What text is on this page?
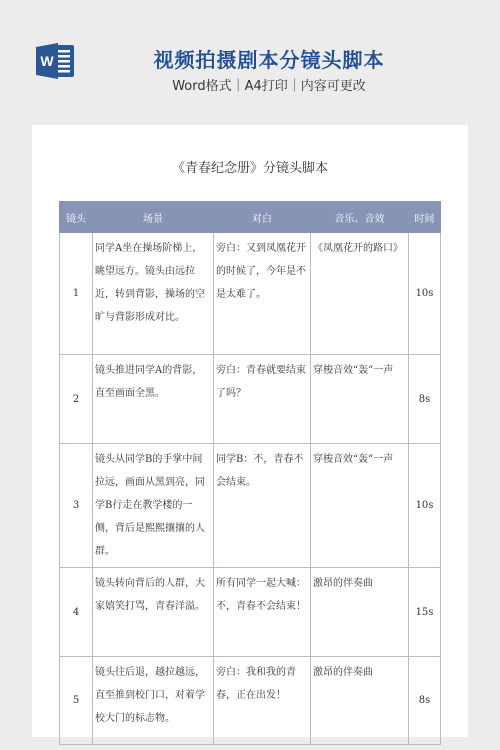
W	视频拍摄剧本分镜头脚本
Word格式｜A4打印｜内容可更改
《青春纪念册》分镜头脚本
镜头	场景	对白	音乐、音效	时间
1	同学A坐在操场阶梯上，眺望远方。镜头由远拉近，转到背影，操场的空旷与背影形成对比。	旁白：又到凤凰花开的时候了，今年是不是太难了。	《凤凰花开的路口》	10s
2	镜头推进同学A的背影，直至画面全黑。	旁白：青春就要结束了吗？	穿梭音效“轰”一声	8s
3	镜头从同学B的手掌中间拉远，画面从黑到亮，同学B行走在教学楼的一侧，背后是熙熙攘攘的人群。	同学B：不，青春不会结束。	穿梭音效“轰”一声	10s
4	镜头转向背后的人群，大家嬉笑打骂，青春洋溢。	所有同学一起大喊：不，青春不会结束！	激昂的伴奏曲	15s
5	镜头往后退，越拉越远，直至推到校门口，对着学校大门的标志物。	旁白：我和我的青春，正在出发！	激昂的伴奏曲	8s
